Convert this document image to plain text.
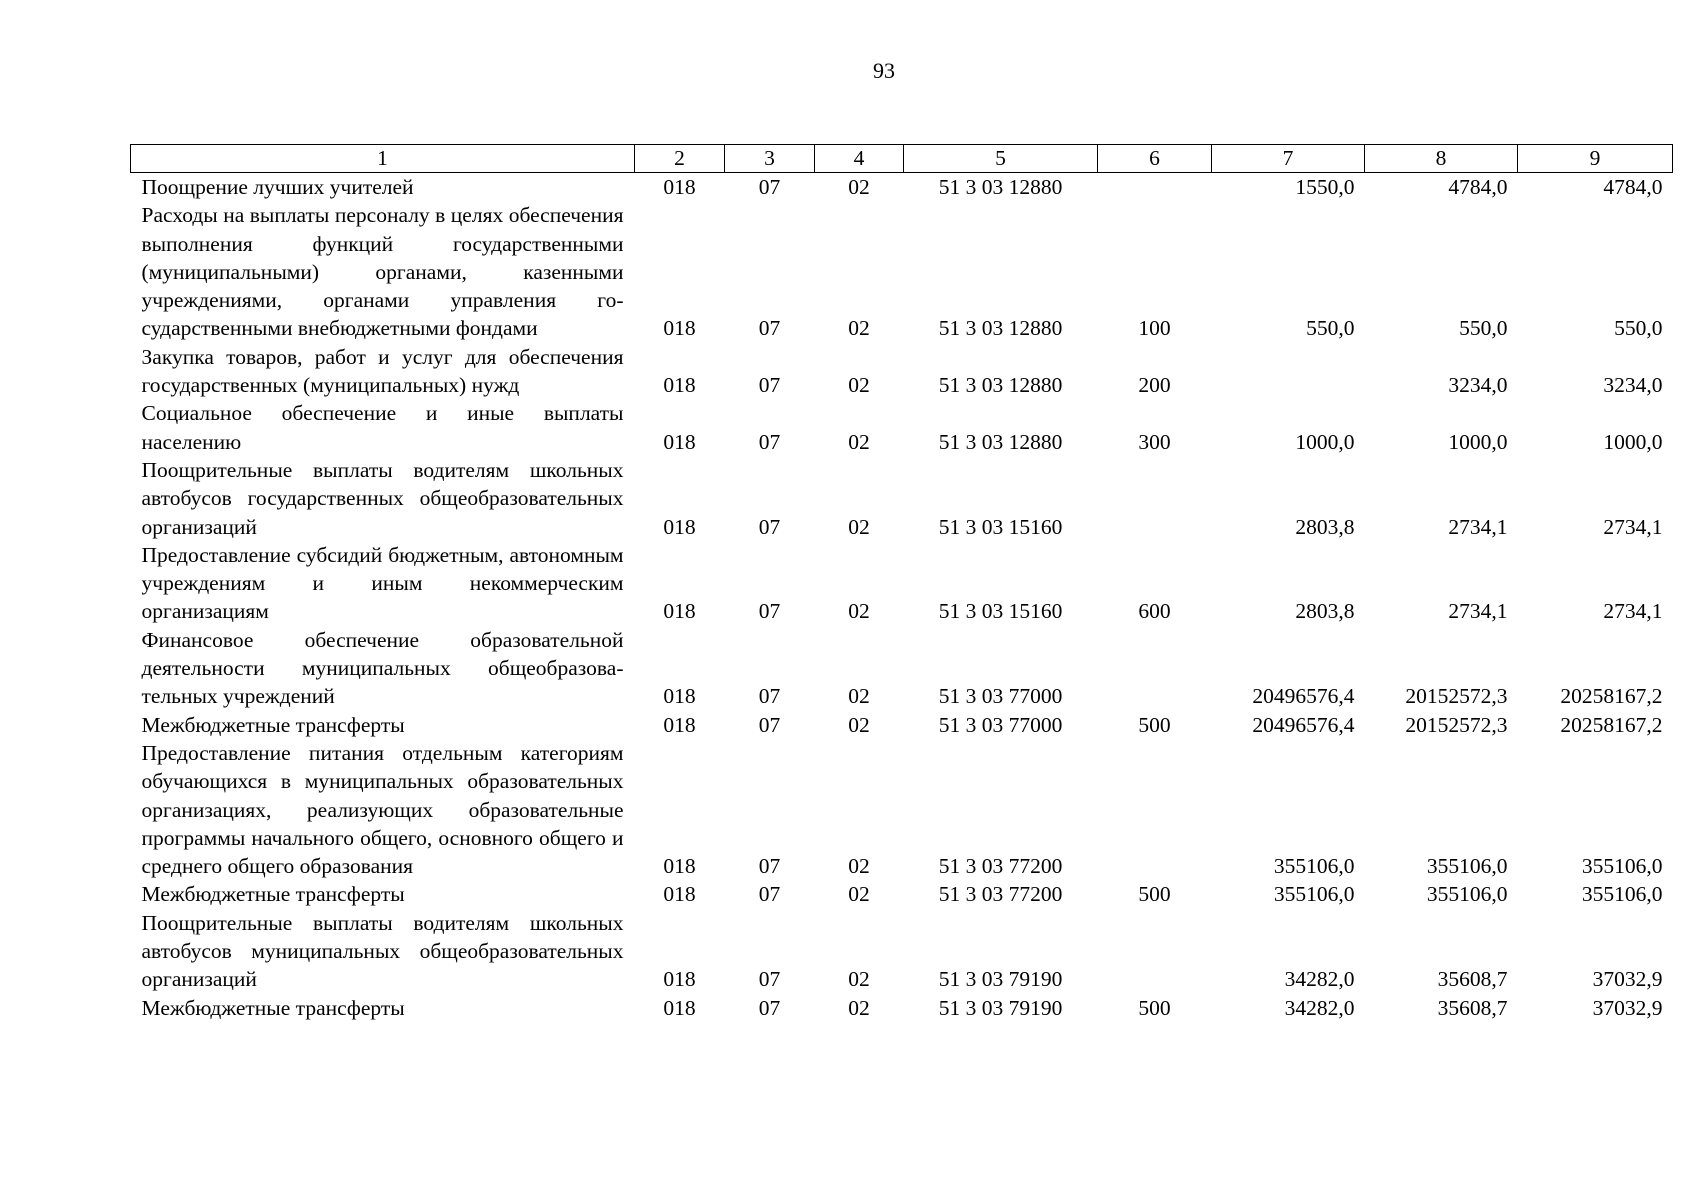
93
1	2	3	4	5	6	7	8	9
Поощрение лучших учителей	018	07	02	51 3 03 12880		1550,0	4784,0	4784,0
Расходы на выплаты персоналу в целях обеспечения выполнения функций государственными (муниципальными) органами, казенными учреждениями, органами управления государственными внебюджетными фондами	018	07	02	51 3 03 12880	100	550,0	550,0	550,0
Закупка товаров, работ и услуг для обеспечения государственных (муниципальных) нужд	018	07	02	51 3 03 12880	200		3234,0	3234,0
Социальное обеспечение и иные выплаты населению	018	07	02	51 3 03 12880	300	1000,0	1000,0	1000,0
Поощрительные выплаты водителям школьных автобусов государственных общеобразовательных организаций	018	07	02	51 3 03 15160		2803,8	2734,1	2734,1
Предоставление субсидий бюджетным, автономным учреждениям и иным некоммерческим организациям	018	07	02	51 3 03 15160	600	2803,8	2734,1	2734,1
Финансовое обеспечение образовательной деятельности муниципальных общеобразовательных учреждений	018	07	02	51 3 03 77000		20496576,4	20152572,3	20258167,2
Межбюджетные трансферты	018	07	02	51 3 03 77000	500	20496576,4	20152572,3	20258167,2
Предоставление питания отдельным категориям обучающихся в муниципальных образовательных организациях, реализующих образовательные программы начального общего, основного общего и среднего общего образования	018	07	02	51 3 03 77200		355106,0	355106,0	355106,0
Межбюджетные трансферты	018	07	02	51 3 03 77200	500	355106,0	355106,0	355106,0
Поощрительные выплаты водителям школьных автобусов муниципальных общеобразовательных организаций	018	07	02	51 3 03 79190		34282,0	35608,7	37032,9
Межбюджетные трансферты	018	07	02	51 3 03 79190	500	34282,0	35608,7	37032,9
